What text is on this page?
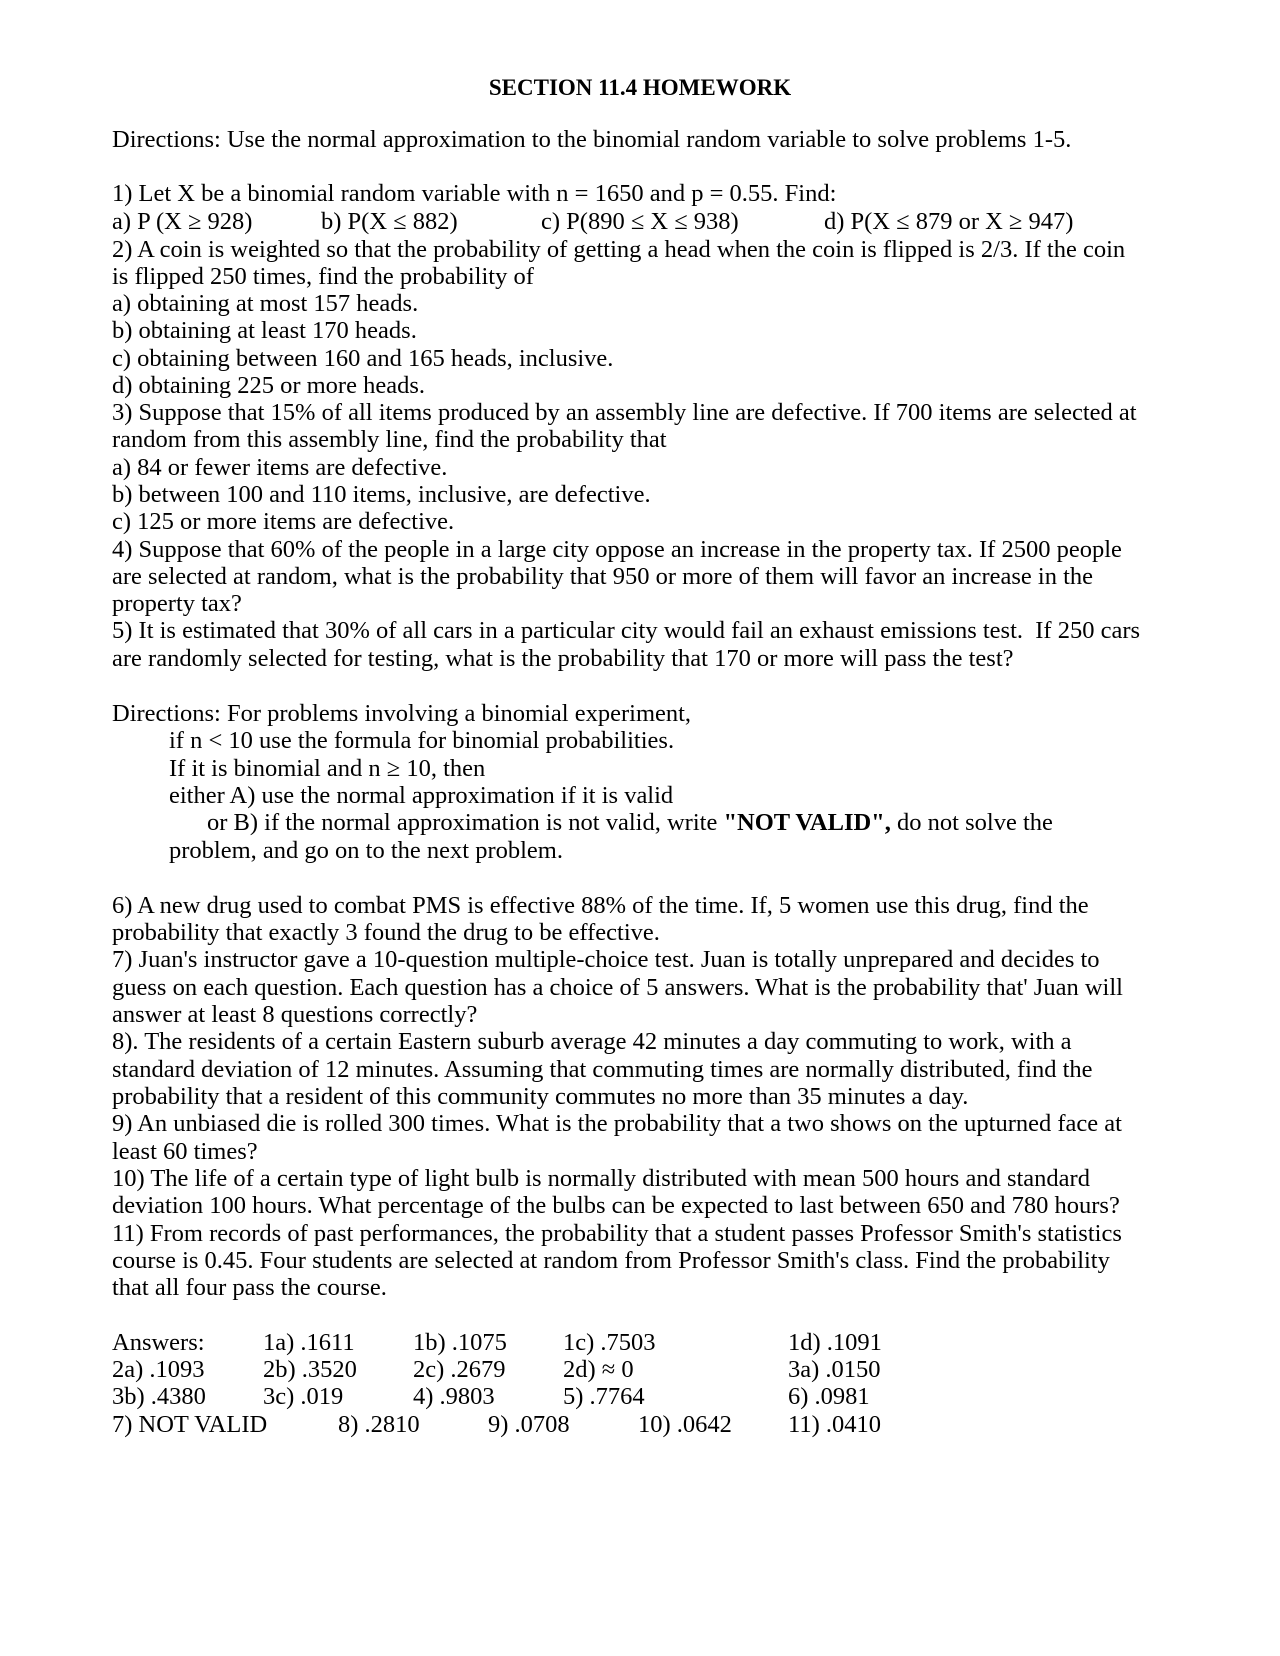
SECTION 11.4 HOMEWORK
Directions: Use the normal approximation to the binomial random variable to solve problems 1-5.
1) Let X be a binomial random variable with n = 1650 and p = 0.55. Find:
a) P (X ≥ 928)	b) P(X ≤ 882)	c) P(890 ≤ X ≤ 938)	d) P(X ≤ 879 or X ≥ 947)
2) A coin is weighted so that the probability of getting a head when the coin is flipped is 2/3. If the coin
is flipped 250 times, find the probability of
a) obtaining at most 157 heads.
b) obtaining at least 170 heads.
c) obtaining between 160 and 165 heads, inclusive.
d) obtaining 225 or more heads.
3) Suppose that 15% of all items produced by an assembly line are defective. If 700 items are selected at
random from this assembly line, find the probability that
a) 84 or fewer items are defective.
b) between 100 and 110 items, inclusive, are defective.
c) 125 or more items are defective.
4) Suppose that 60% of the people in a large city oppose an increase in the property tax. If 2500 people
are selected at random, what is the probability that 950 or more of them will favor an increase in the
property tax?
5) It is estimated that 30% of all cars in a particular city would fail an exhaust emissions test.  If 250 cars
are randomly selected for testing, what is the probability that 170 or more will pass the test?
Directions: For problems involving a binomial experiment,
if n < 10 use the formula for binomial probabilities.
If it is binomial and n ≥ 10, then
either A) use the normal approximation if it is valid
or B) if the normal approximation is not valid, write "NOT VALID", do not solve the
problem, and go on to the next problem.
6) A new drug used to combat PMS is effective 88% of the time. If, 5 women use this drug, find the
probability that exactly 3 found the drug to be effective.
7) Juan's instructor gave a 10-question multiple-choice test. Juan is totally unprepared and decides to
guess on each question. Each question has a choice of 5 answers. What is the probability that' Juan will
answer at least 8 questions correctly?
8). The residents of a certain Eastern suburb average 42 minutes a day commuting to work, with a
standard deviation of 12 minutes. Assuming that commuting times are normally distributed, find the
probability that a resident of this community commutes no more than 35 minutes a day.
9) An unbiased die is rolled 300 times. What is the probability that a two shows on the upturned face at
least 60 times?
10) The life of a certain type of light bulb is normally distributed with mean 500 hours and standard
deviation 100 hours. What percentage of the bulbs can be expected to last between 650 and 780 hours?
11) From records of past performances, the probability that a student passes Professor Smith's statistics
course is 0.45. Four students are selected at random from Professor Smith's class. Find the probability
that all four pass the course.
Answers: 1a) .1611 1b) .1075 1c) .7503	1d) .1091
2a) .1093 2b) .3520 2c) .2679 2d) ≈ 0	3a) .0150
3b) .4380 3c) .019	4) .9803	5) .7764	6) .0981
7) NOT VALID	8) .2810	9) .0708	10) .0642 11) .0410
